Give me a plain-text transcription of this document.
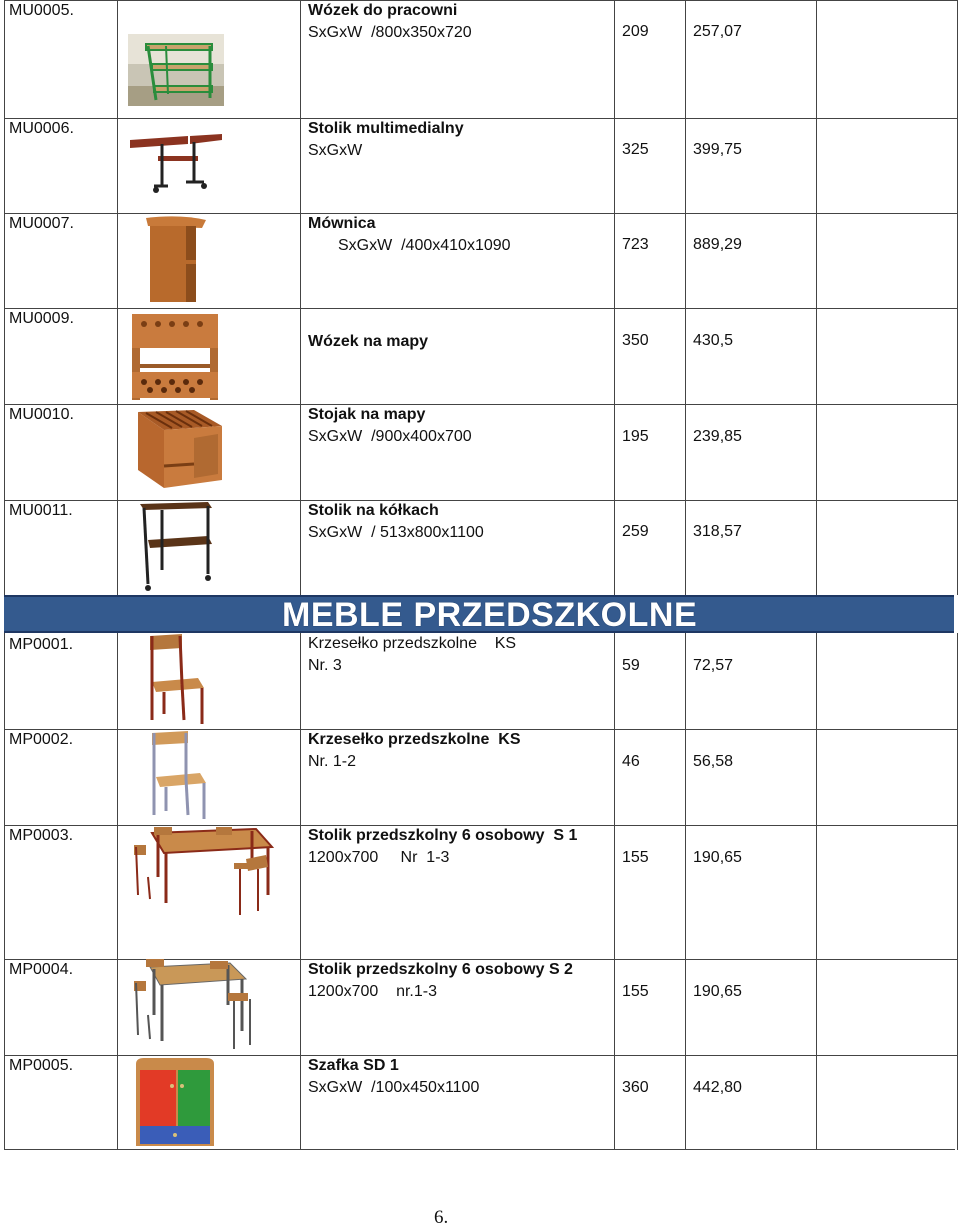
MU0005.	Wózek do pracowni
SxGxW  /800x350x720	209	257,07
MU0006.	Stolik multimedialny
SxGxW	325	399,75
MU0007.	Mównica
SxGxW  /400x410x1090	723	889,29
MU0009.
Wózek na mapy	350	430,5
MU0010.	Stojak na mapy
SxGxW  /900x400x700	195	239,85
MU0011.	Stolik na kółkach
SxGxW  / 513x800x1100	259	318,57
MEBLE PRZEDSZKOLNE
MP0001.	Krzesełko przedszkolne    KS
Nr. 3	59	72,57
MP0002.	Krzesełko przedszkolne  KS
Nr. 1-2	46	56,58
MP0003.	Stolik przedszkolny 6 osobowy  S 1
1200x700     Nr  1-3	155	190,65
MP0004.	Stolik przedszkolny 6 osobowy S 2
1200x700    nr.1-3	155	190,65
MP0005.	Szafka SD 1
SxGxW  /100x450x1100	360	442,80
6.
